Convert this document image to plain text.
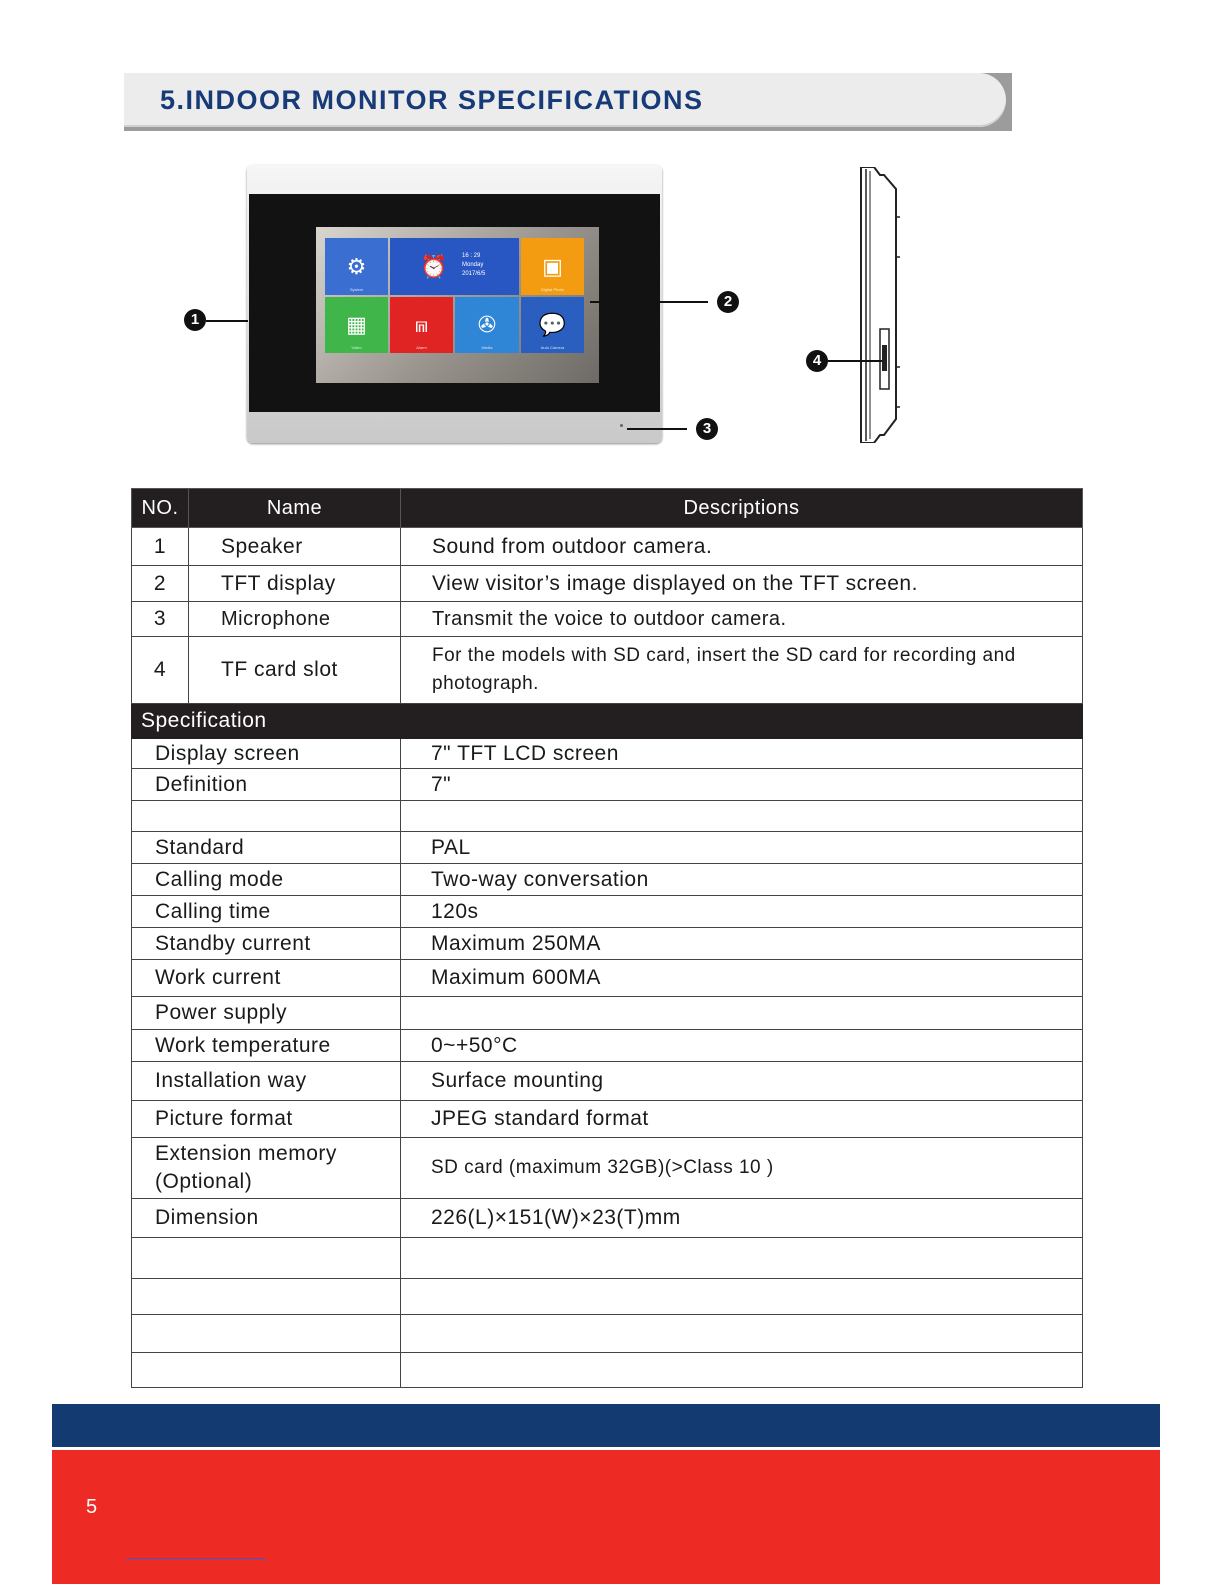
5.INDOOR MONITOR SPECIFICATIONS
⚙
System
⏰ 16 : 29
Monday
2017/6/5	▣
Digital Photo
▦
Video
⩎
Alarm
✇
Media
💬
Auto Camera
1
2
3
4
NO.	Name	Descriptions
1	Speaker	Sound from outdoor camera.
2	TFT display	View visitor’s image displayed on the TFT screen.
3	Microphone	Transmit the voice to outdoor camera.
4	TF card slot	For the models with SD card, insert the SD card for recording and photograph.
Specification		
Display screen		7" TFT LCD screen
Definition		7"

Standard		PAL
Calling mode		Two-way conversation
Calling time		120s
Standby current		Maximum 250MA
Work current		Maximum 600MA
Power supply		
Work temperature		0~+50°C
Installation way		Surface mounting
Picture format		JPEG standard format
Extension memory (Optional)		SD card (maximum 32GB)(>Class 10 )
Dimension		226(L)×151(W)×23(T)mm

5
